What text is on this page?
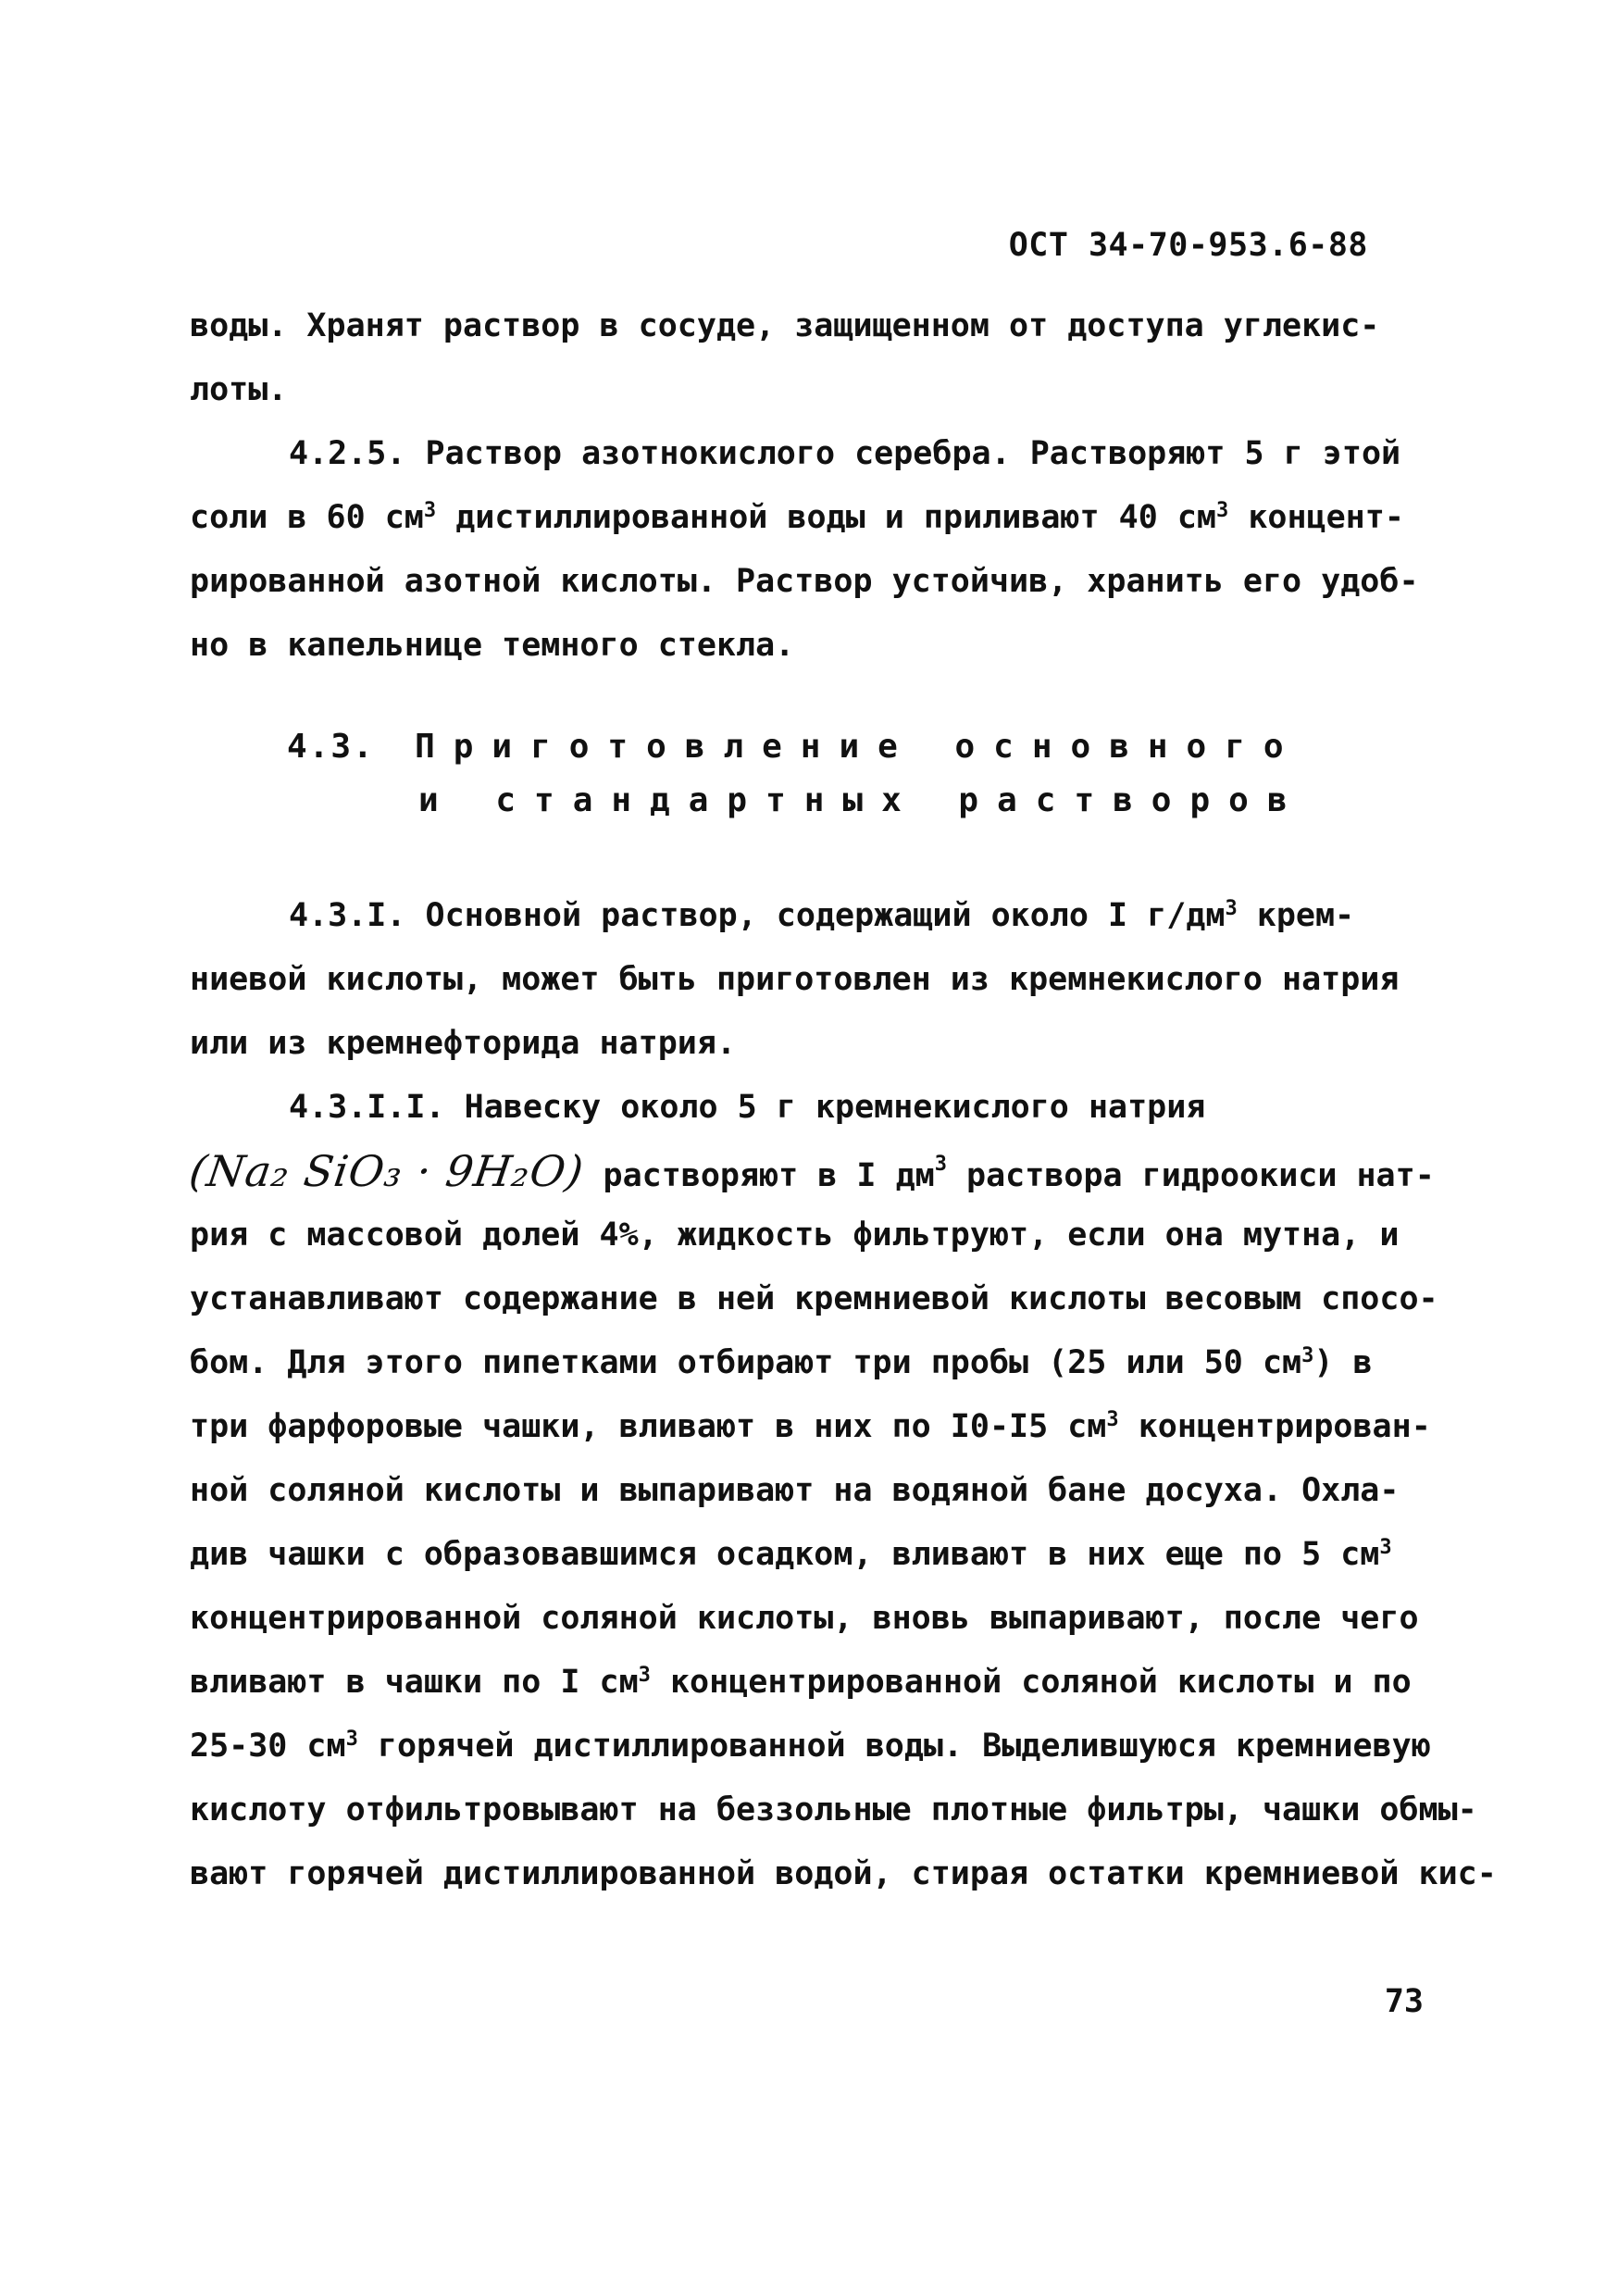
ОСТ 34-70-953.6-88
воды. Хранят раствор в сосуде, защищенном от доступа углекис-
лоты.
4.2.5. Раствор азотнокислого серебра. Растворяют 5 г этой
соли в 60 $см^3$ дистиллированной воды и приливают 40 $см^3$ концент-
рированной азотной кислоты. Раствор устойчив, хранить его удоб-
но в капельнице темного стекла.
4.3. Приготовление основного
и стандартных растворов
4.3.I. Основной раствор, содержащий около I $г/дм^3$ крем-
ниевой кислоты, может быть приготовлен из кремнекислого натрия
или из кремнефторида натрия.
4.3.I.I. Навеску около 5 г кремнекислого натрия
(Na₂ SiO₃ · 9H₂O) растворяют в I $дм^3$ раствора гидроокиси нат-
рия с массовой долей 4%, жидкость фильтруют, если она мутна, и
устанавливают содержание в ней кремниевой кислоты весовым спосо-
бом. Для этого пипетками отбирают три пробы (25 или 50 $см^3$) в
три фарфоровые чашки, вливают в них по I0-I5 $см^3$ концентрирован-
ной соляной кислоты и выпаривают на водяной бане досуха. Охла-
див чашки с образовавшимся осадком, вливают в них еще по 5 $см^3$
концентрированной соляной кислоты, вновь выпаривают, после чего
вливают в чашки по I $см^3$ концентрированной соляной кислоты и по
25-30 $см^3$ горячей дистиллированной воды. Выделившуюся кремниевую
кислоту отфильтровывают на беззольные плотные фильтры, чашки обмы-
вают горячей дистиллированной водой, стирая остатки кремниевой кис-
73
